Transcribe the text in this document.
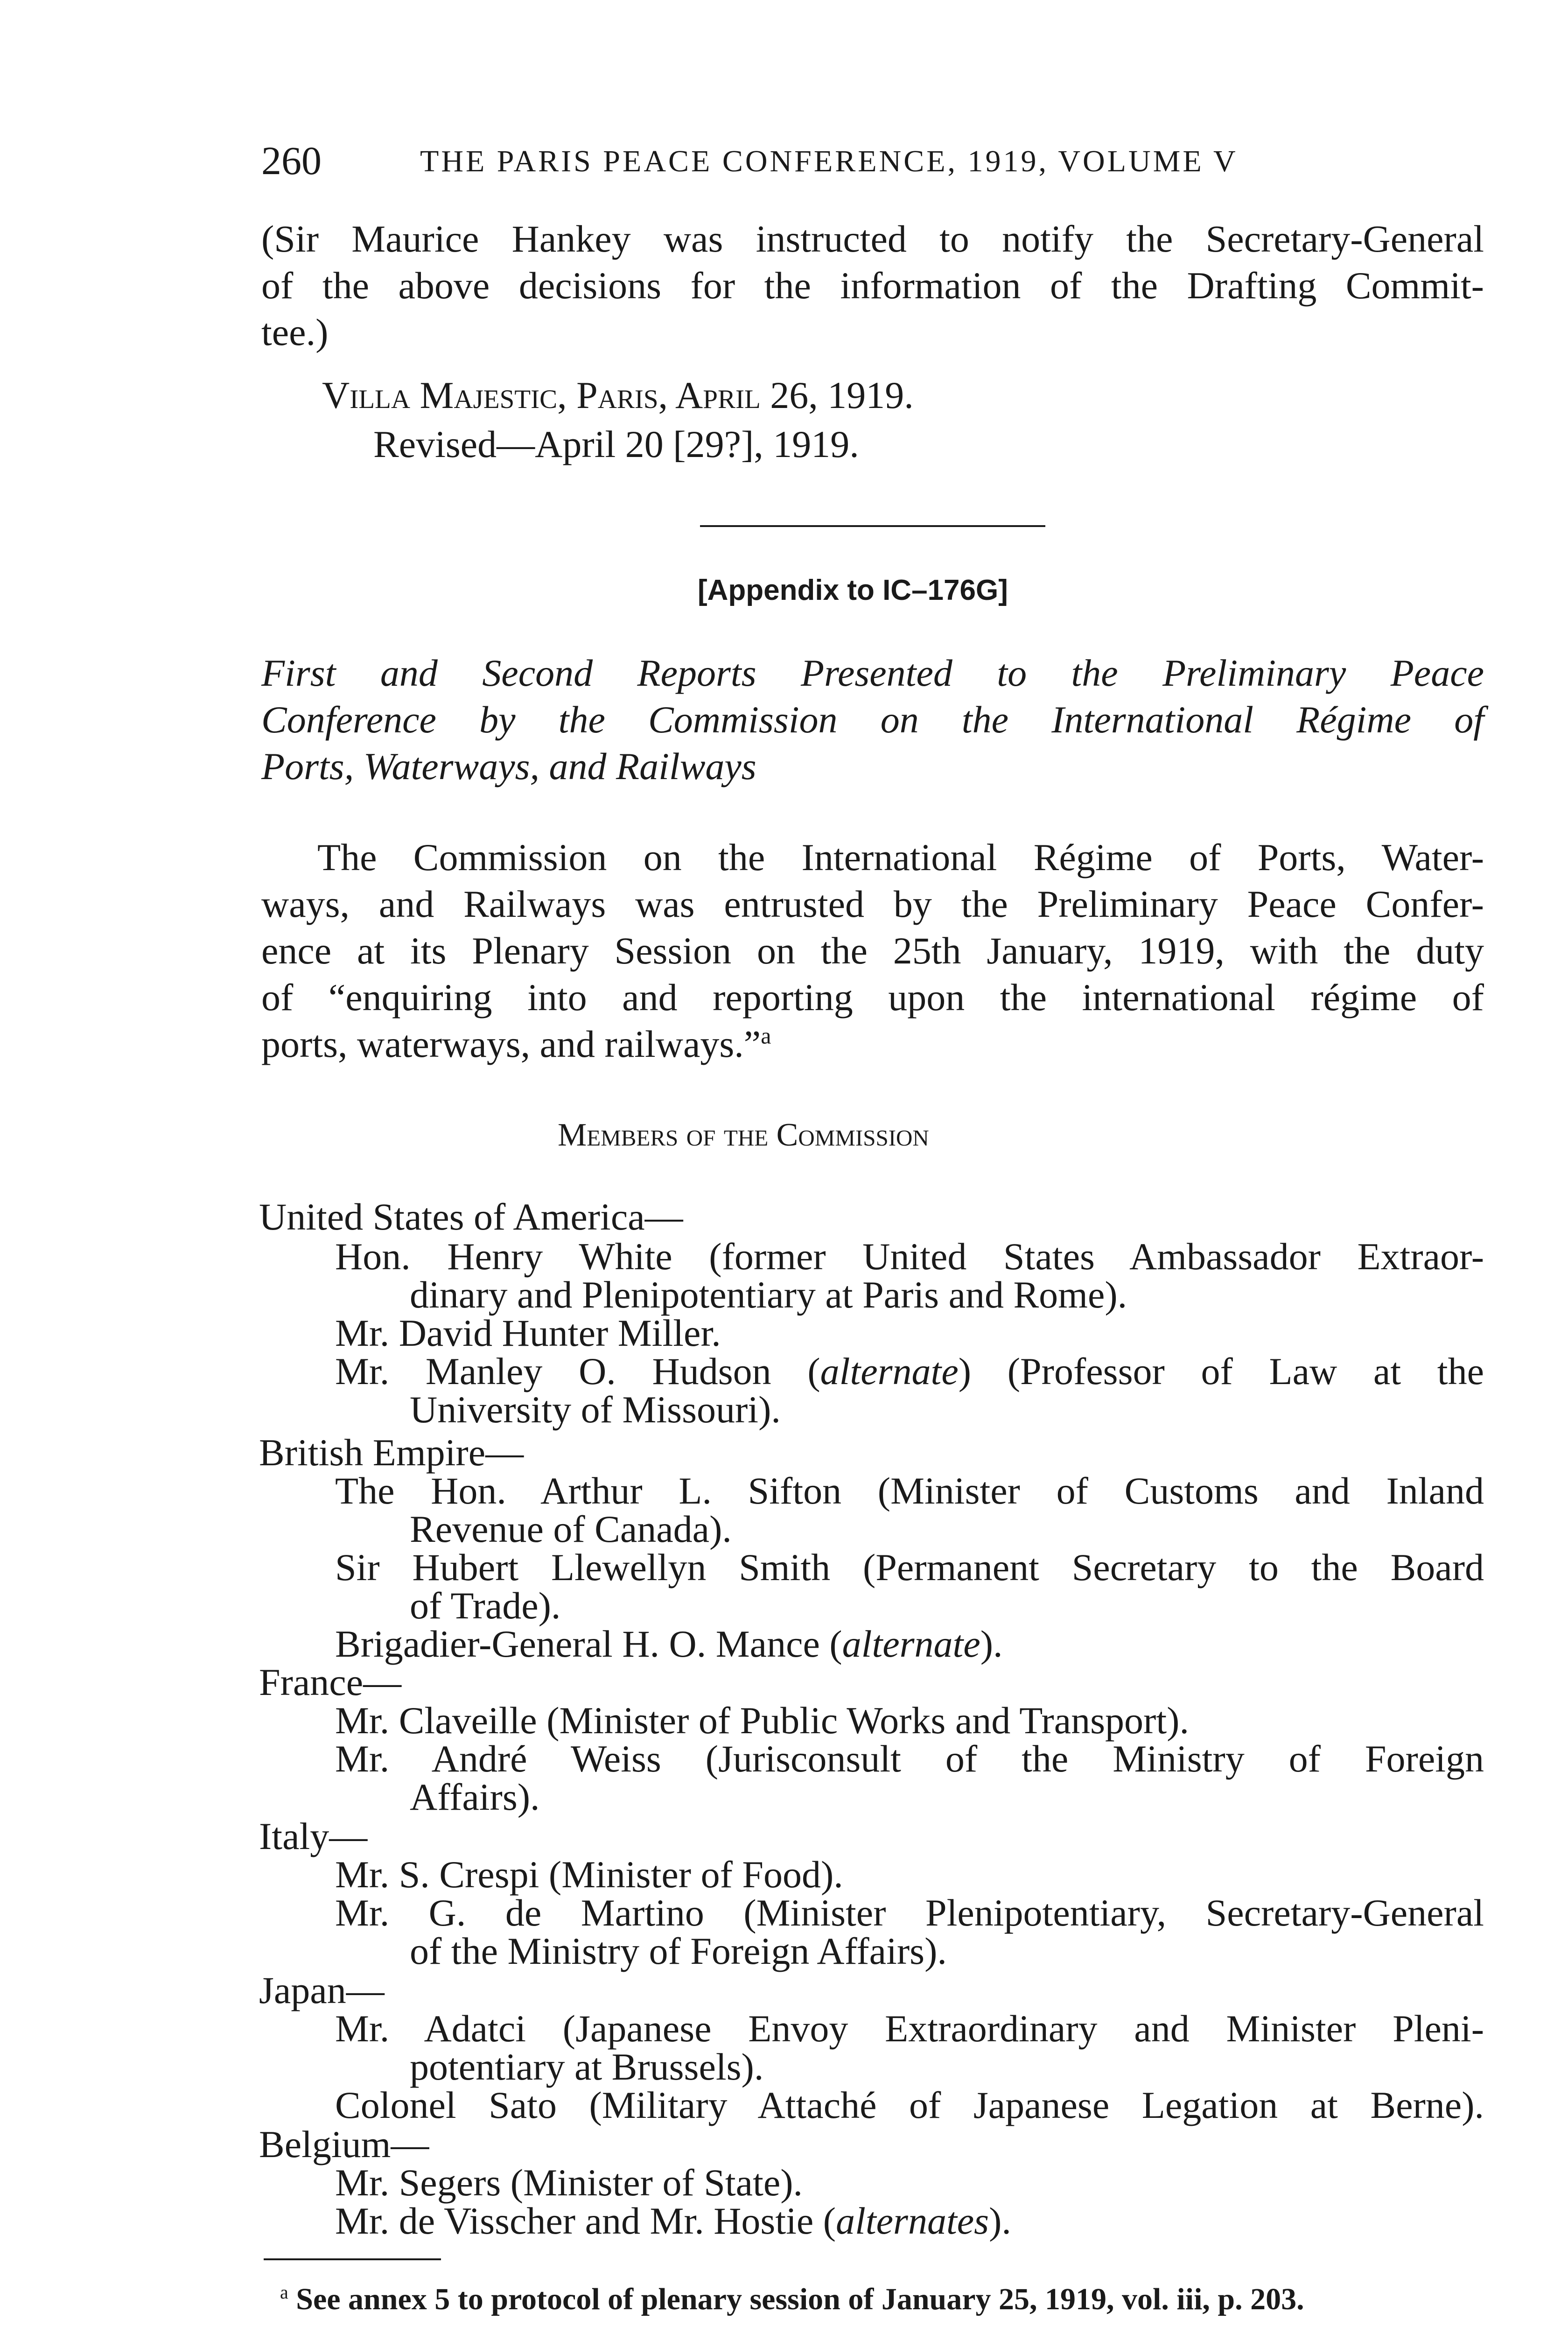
260	THE PARIS PEACE CONFERENCE, 1919, VOLUME V
(Sir Maurice Hankey was instructed to notify the Secretary-General
of the above decisions for the information of the Drafting Commit-
tee.)
Villa Majestic, Paris, April 26, 1919.
Revised—April 20 [29?], 1919.
[Appendix to IC–176G]
First and Second Reports Presented to the Preliminary Peace
Conference by the Commission on the International Régime of
Ports, Waterways, and Railways
The Commission on the International Régime of Ports, Water-
ways, and Railways was entrusted by the Preliminary Peace Confer-
ence at its Plenary Session on the 25th January, 1919, with the duty
of “enquiring into and reporting upon the international régime of
ports, waterways, and railways.”$^a$
Members of the Commission
United States of America—
Hon. Henry White (former United States Ambassador Extraor-
dinary and Plenipotentiary at Paris and Rome).
Mr. David Hunter Miller.
Mr. Manley O. Hudson (alternate) (Professor of Law at the
University of Missouri).
British Empire—
The Hon. Arthur L. Sifton (Minister of Customs and Inland
Revenue of Canada).
Sir Hubert Llewellyn Smith (Permanent Secretary to the Board
of Trade).
Brigadier-General H. O. Mance (alternate).
France—
Mr. Claveille (Minister of Public Works and Transport).
Mr. André Weiss (Jurisconsult of the Ministry of Foreign
Affairs).
Italy—
Mr. S. Crespi (Minister of Food).
Mr. G. de Martino (Minister Plenipotentiary, Secretary-General
of the Ministry of Foreign Affairs).
Japan—
Mr. Adatci (Japanese Envoy Extraordinary and Minister Pleni-
potentiary at Brussels).
Colonel Sato (Military Attaché of Japanese Legation at Berne).
Belgium—
Mr. Segers (Minister of State).
Mr. de Visscher and Mr. Hostie (alternates).
$^a$ See annex 5 to protocol of plenary session of January 25, 1919, vol. iii, p. 203.
